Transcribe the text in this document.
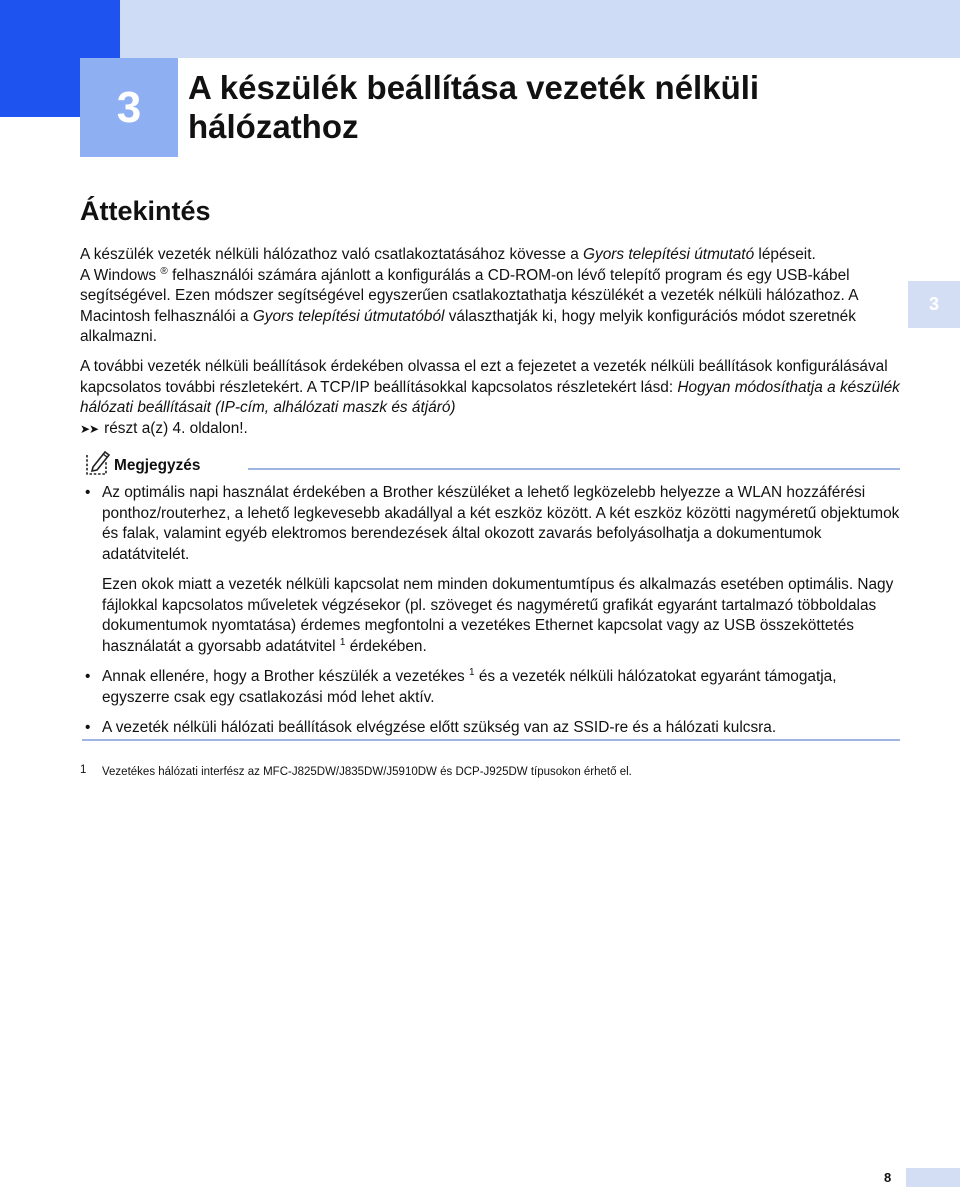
3 A készülék beállítása vezeték nélküli
hálózathoz
Áttekintés
3
A készülék vezeték nélküli hálózathoz való csatlakoztatásához kövesse a Gyors telepítési útmutató lépéseit.
A Windows ® felhasználói számára ajánlott a konfigurálás a CD-ROM-on lévő telepítő program és egy USB-kábel segítségével. Ezen módszer segítségével egyszerűen csatlakoztathatja készülékét a vezeték nélküli hálózathoz. A Macintosh felhasználói a Gyors telepítési útmutatóból választhatják ki, hogy melyik konfigurációs módot szeretnék alkalmazni.
A további vezeték nélküli beállítások érdekében olvassa el ezt a fejezetet a vezeték nélküli beállítások konfigurálásával kapcsolatos további részletekért. A TCP/IP beállításokkal kapcsolatos részletekért lásd: Hogyan módosíthatja a készülék hálózati beállításait (IP-cím, alhálózati maszk és átjáró)
➤➤ részt a(z) 4. oldalon!.
Megjegyzés
• Az optimális napi használat érdekében a Brother készüléket a lehető legközelebb helyezze a WLAN hozzáférési ponthoz/routerhez, a lehető legkevesebb akadállyal a két eszköz között. A két eszköz közötti nagyméretű objektumok és falak, valamint egyéb elektromos berendezések által okozott zavarás befolyásolhatja a dokumentumok adatátvitelét.

Ezen okok miatt a vezeték nélküli kapcsolat nem minden dokumentumtípus és alkalmazás esetében optimális. Nagy fájlokkal kapcsolatos műveletek végzésekor (pl. szöveget és nagyméretű grafikát egyaránt tartalmazó többoldalas dokumentumok nyomtatása) érdemes megfontolni a vezetékes Ethernet kapcsolat vagy az USB összeköttetés használatát a gyorsabb adatátvitel $^1$ érdekében.

• Annak ellenére, hogy a Brother készülék a vezetékes $^1$ és a vezeték nélküli hálózatokat egyaránt támogatja, egyszerre csak egy csatlakozási mód lehet aktív.

• A vezeték nélküli hálózati beállítások elvégzése előtt szükség van az SSID-re és a hálózati kulcsra.

1 Vezetékes hálózati interfész az MFC-J825DW/J835DW/J5910DW és DCP-J925DW típusokon érhető el.
8
